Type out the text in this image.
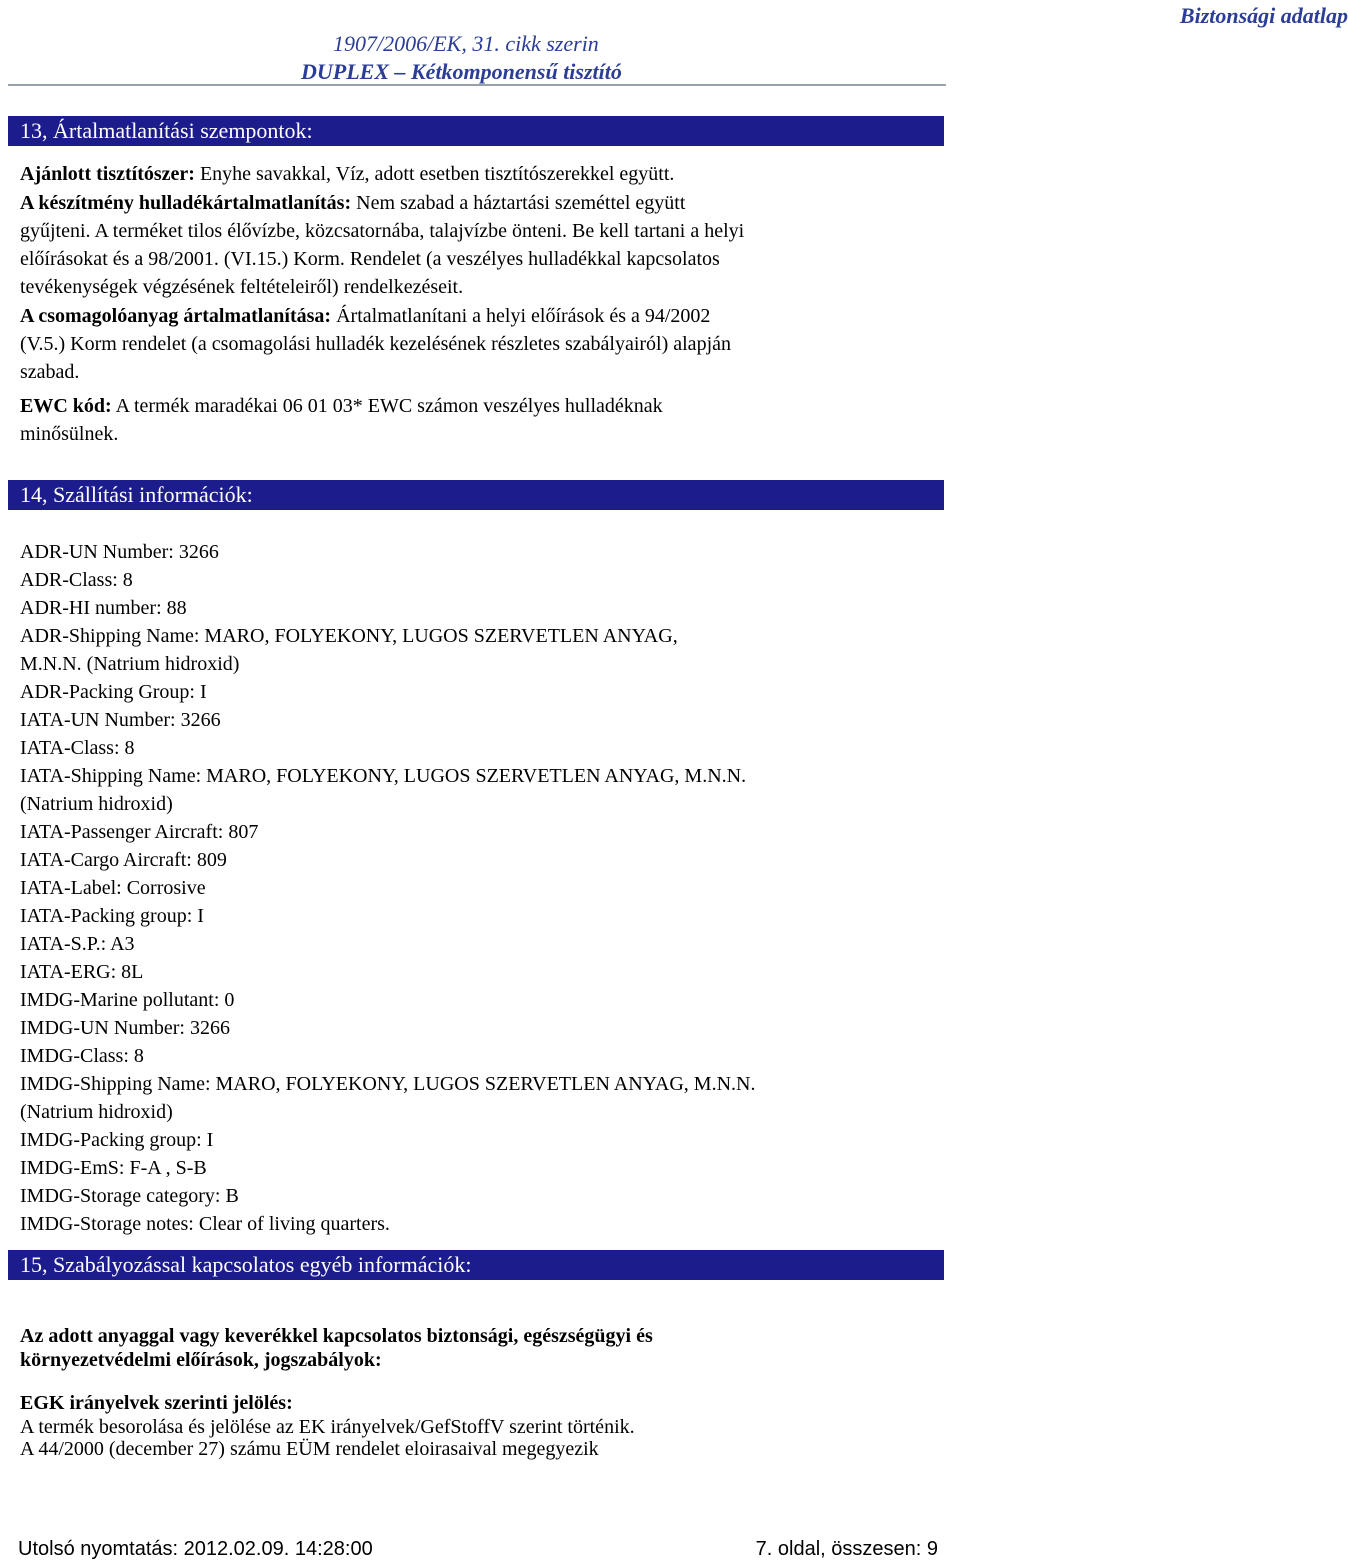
Biztonsági adatlap
1907/2006/EK, 31. cikk szerin
DUPLEX – Kétkomponensű tisztító
13, Ártalmatlanítási szempontok:
Ajánlott tisztítószer: Enyhe savakkal, Víz, adott esetben tisztítószerekkel együtt.
A készítmény hulladékártalmatlanítás: Nem szabad a háztartási szeméttel együtt
gyűjteni. A terméket tilos élővízbe, közcsatornába, talajvízbe önteni. Be kell tartani a helyi
előírásokat és a 98/2001. (VI.15.) Korm. Rendelet (a veszélyes hulladékkal kapcsolatos
tevékenységek végzésének feltételeiről) rendelkezéseit.
A csomagolóanyag ártalmatlanítása: Ártalmatlanítani a helyi előírások és a 94/2002
(V.5.) Korm rendelet (a csomagolási hulladék kezelésének részletes szabályairól) alapján
szabad.
EWC kód: A termék maradékai 06 01 03* EWC számon veszélyes hulladéknak
minősülnek.
14, Szállítási információk:
ADR-UN Number: 3266
ADR-Class: 8
ADR-HI number: 88
ADR-Shipping Name: MARO, FOLYEKONY, LUGOS SZERVETLEN ANYAG,
M.N.N. (Natrium hidroxid)
ADR-Packing Group: I
IATA-UN Number: 3266
IATA-Class: 8
IATA-Shipping Name: MARO, FOLYEKONY, LUGOS SZERVETLEN ANYAG, M.N.N.
(Natrium hidroxid)
IATA-Passenger Aircraft: 807
IATA-Cargo Aircraft: 809
IATA-Label: Corrosive
IATA-Packing group: I
IATA-S.P.: A3
IATA-ERG: 8L
IMDG-Marine pollutant: 0
IMDG-UN Number: 3266
IMDG-Class: 8
IMDG-Shipping Name: MARO, FOLYEKONY, LUGOS SZERVETLEN ANYAG, M.N.N.
(Natrium hidroxid)
IMDG-Packing group: I
IMDG-EmS: F-A , S-B
IMDG-Storage category: B
IMDG-Storage notes: Clear of living quarters.
15, Szabályozással kapcsolatos egyéb információk:
Az adott anyaggal vagy keverékkel kapcsolatos biztonsági, egészségügyi és
környezetvédelmi előírások, jogszabályok:
EGK irányelvek szerinti jelölés:
A termék besorolása és jelölése az EK irányelvek/GefStoffV szerint történik.
A 44/2000 (december 27) számu EÜM rendelet eloirasaival megegyezik
Utolsó nyomtatás: 2012.02.09. 14:28:00	7. oldal, összesen: 9
